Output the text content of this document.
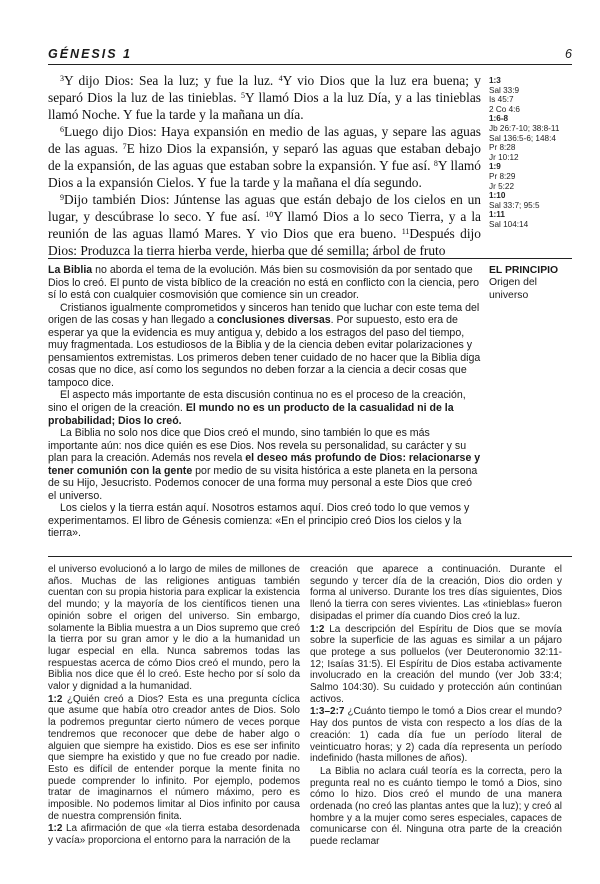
GÉNESIS 1	6

$^3$Y dijo Dios: Sea la luz; y fue la luz. $^4$Y vio Dios que la luz era buena; y separó Dios la luz de las tinieblas. $^5$Y llamó Dios a la luz Día, y a las tinieblas llamó Noche. Y fue la tarde y la mañana un día.

$^6$Luego dijo Dios: Haya expansión en medio de las aguas, y separe las aguas de las aguas. $^7$E hizo Dios la expansión, y separó las aguas que estaban debajo de la expansión, de las aguas que estaban sobre la expansión. Y fue así. $^8$Y llamó Dios a la expansión Cielos. Y fue la tarde y la mañana el día segundo.

$^9$Dijo también Dios: Júntense las aguas que están debajo de los cielos en un lugar, y descúbrase lo seco. Y fue así. $^{10}$Y llamó Dios a lo seco Tierra, y a la reunión de las aguas llamó Mares. Y vio Dios que era bueno. $^{11}$Después dijo Dios: Produzca la tierra hierba verde, hierba que dé semilla; árbol de fruto

1:3
Sal 33:9
Is 45:7
2 Co 4:6
1:6-8
Jb 26:7-10; 38:8-11
Sal 136:5-6; 148:4
Pr 8:28
Jr 10:12
1:9
Pr 8:29
Jr 5:22
1:10
Sal 33:7; 95:5
1:11
Sal 104:14
EL PRINCIPIO
Origen del universo

La Biblia no aborda el tema de la evolución. Más bien su cosmovisión da por sentado que Dios lo creó. El punto de vista bíblico de la creación no está en conflicto con la ciencia, pero sí lo está con cualquier cosmovisión que comience sin un creador.

Cristianos igualmente comprometidos y sinceros han tenido que luchar con este tema del origen de las cosas y han llegado a conclusiones diversas. Por supuesto, esto era de esperar ya que la evidencia es muy antigua y, debido a los estragos del paso del tiempo, muy fragmentada. Los estudiosos de la Biblia y de la ciencia deben evitar polarizaciones y pensamientos extremistas. Los primeros deben tener cuidado de no hacer que la Biblia diga cosas que no dice, así como los segundos no deben forzar a la ciencia a decir cosas que tampoco dice.

El aspecto más importante de esta discusión continua no es el proceso de la creación, sino el origen de la creación. El mundo no es un producto de la casualidad ni de la probabilidad; Dios lo creó.

La Biblia no solo nos dice que Dios creó el mundo, sino también lo que es más importante aún: nos dice quién es ese Dios. Nos revela su personalidad, su carácter y su plan para la creación. Además nos revela el deseo más profundo de Dios: relacionarse y tener comunión con la gente por medio de su visita histórica a este planeta en la persona de su Hijo, Jesucristo. Podemos conocer de una forma muy personal a este Dios que creó el universo.

Los cielos y la tierra están aquí. Nosotros estamos aquí. Dios creó todo lo que vemos y experimentamos. El libro de Génesis comienza: «En el principio creó Dios los cielos y la tierra».

el universo evolucionó a lo largo de miles de millones de años. Muchas de las religiones antiguas también cuentan con su propia historia para explicar la existencia del mundo; y la mayoría de los científicos tienen una opinión sobre el origen del universo. Sin embargo, solamente la Biblia muestra a un Dios supremo que creó la tierra por su gran amor y le dio a la humanidad un lugar especial en ella. Nunca sabremos todas las respuestas acerca de cómo Dios creó el mundo, pero la Biblia nos dice que él lo creó. Este hecho por sí solo da valor y dignidad a la humanidad.

1:2 ¿Quién creó a Dios? Esta es una pregunta cíclica que asume que había otro creador antes de Dios. Solo la podremos preguntar cierto número de veces porque tendremos que reconocer que debe de haber algo o alguien que siempre ha existido. Dios es ese ser infinito que siempre ha existido y que no fue creado por nadie. Esto es difícil de entender porque la mente finita no puede comprender lo infinito. Por ejemplo, podemos tratar de imaginarnos el número máximo, pero es imposible. No podemos limitar al Dios infinito por causa de nuestra comprensión finita.

1:2 La afirmación de que «la tierra estaba desordenada y vacía» proporciona el entorno para la narración de la

creación que aparece a continuación. Durante el segundo y tercer día de la creación, Dios dio orden y forma al universo. Durante los tres días siguientes, Dios llenó la tierra con seres vivientes. Las «tinieblas» fueron disipadas el primer día cuando Dios creó la luz.

1:2 La descripción del Espíritu de Dios que se movía sobre la superficie de las aguas es similar a un pájaro que protege a sus polluelos (ver Deuteronomio 32:11-12; Isaías 31:5). El Espíritu de Dios estaba activamente involucrado en la creación del mundo (ver Job 33:4; Salmo 104:30). Su cuidado y protección aún continúan activos.

1:3–2:7 ¿Cuánto tiempo le tomó a Dios crear el mundo? Hay dos puntos de vista con respecto a los días de la creación: 1) cada día fue un período literal de veinticuatro horas; y 2) cada día representa un período indefinido (hasta millones de años).

La Biblia no aclara cuál teoría es la correcta, pero la pregunta real no es cuánto tiempo le tomó a Dios, sino cómo lo hizo. Dios creó el mundo de una manera ordenada (no creó las plantas antes que la luz); y creó al hombre y a la mujer como seres especiales, capaces de comunicarse con él. Ninguna otra parte de la creación puede reclamar
